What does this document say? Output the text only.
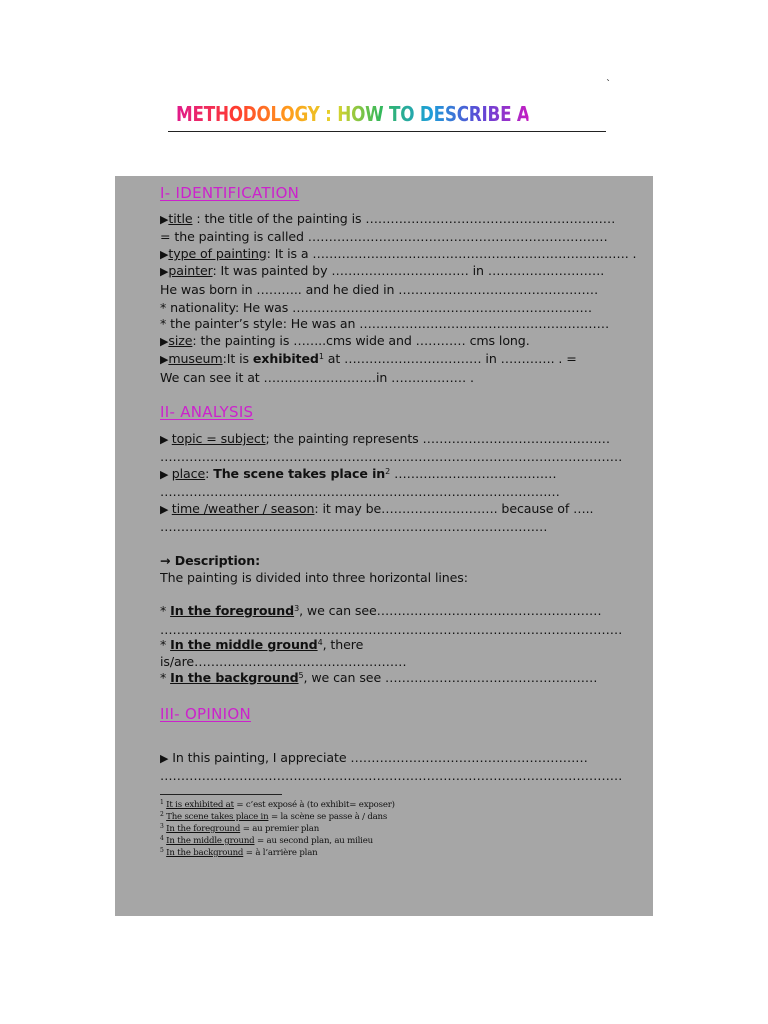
`
METHODOLOGY : HOW TO DESCRIBE A PAINTING
I- IDENTIFICATION
▶title : the title of the painting is ……………………………………………………
= the painting is called ………………………………………………………………
▶type of painting: It is a …………………………………………………………………. .
▶painter: It was painted by …………………………… in ……………………….
He was born in ……….. and he died in …………………………………………
* nationality: He was ………………………………………………………………
* the painter’s style: He was an ……………………………………………………
▶size: the painting is ……..cms wide and ………… cms long.
▶museum:It is exhibited$^1$ at …………………………… in …………. . =
We can see it at ………………………in ……………… .
II- ANALYSIS
▶ topic = subject; the painting represents ………………………………………
…………………………………………………………………………………………………
▶ place: The scene takes place $in^2$ …………………………………
……………………………………………………………………………………
▶ time /weather / season: it may be………………………. because of …..
…………………………………………………………………………………
→ Description:
The painting is divided into three horizontal lines:
* In the foreground$^3$, we can see………………………………………………
…………………………………………………………………………………………………
* In the middle ground$^4$, there
is/are……………………………………………
* In the background$^5$, we can see ……………………………………………
III- OPINION
▶ In this painting, I appreciate …………………………………………………
…………………………………………………………………………………………………
$^1$ It is exhibited at = c’est exposé à (to exhibit= exposer)
$^2$ The scene takes place in = la scène se passe à / dans
$^3$ In the foreground = au premier plan
$^4$ In the middle ground = au second plan, au milieu
$^5$ In the background = à l’arrière plan
